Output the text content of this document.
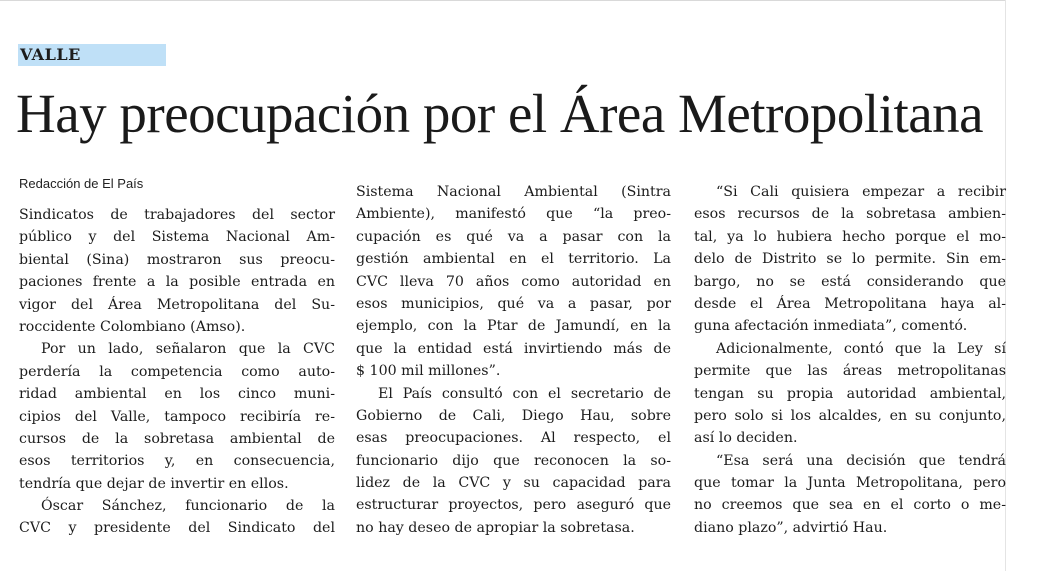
VALLE
Hay preocupación por el Área Metropolitana
Redacción de El País
Sindicatos de trabajadores del sector
público y del Sistema Nacional Am-
biental (Sina) mostraron sus preocu-
paciones frente a la posible entrada en
vigor del Área Metropolitana del Su-
roccidente Colombiano (Amso).
Por un lado, señalaron que la CVC
perdería la competencia como auto-
ridad ambiental en los cinco muni-
cipios del Valle, tampoco recibiría re-
cursos de la sobretasa ambiental de
esos territorios y, en consecuencia,
tendría que dejar de invertir en ellos.
Óscar Sánchez, funcionario de la
CVC y presidente del Sindicato del
Sistema Nacional Ambiental (Sintra
Ambiente), manifestó que “la preo-
cupación es qué va a pasar con la
gestión ambiental en el territorio. La
CVC lleva 70 años como autoridad en
esos municipios, qué va a pasar, por
ejemplo, con la Ptar de Jamundí, en la
que la entidad está invirtiendo más de
$ 100 mil millones”.
El País consultó con el secretario de
Gobierno de Cali, Diego Hau, sobre
esas preocupaciones. Al respecto, el
funcionario dijo que reconocen la so-
lidez de la CVC y su capacidad para
estructurar proyectos, pero aseguró que
no hay deseo de apropiar la sobretasa.
“Si Cali quisiera empezar a recibir
esos recursos de la sobretasa ambien-
tal, ya lo hubiera hecho porque el mo-
delo de Distrito se lo permite. Sin em-
bargo, no se está considerando que
desde el Área Metropolitana haya al-
guna afectación inmediata”, comentó.
Adicionalmente, contó que la Ley sí
permite que las áreas metropolitanas
tengan su propia autoridad ambiental,
pero solo si los alcaldes, en su conjunto,
así lo deciden.
“Esa será una decisión que tendrá
que tomar la Junta Metropolitana, pero
no creemos que sea en el corto o me-
diano plazo”, advirtió Hau.
